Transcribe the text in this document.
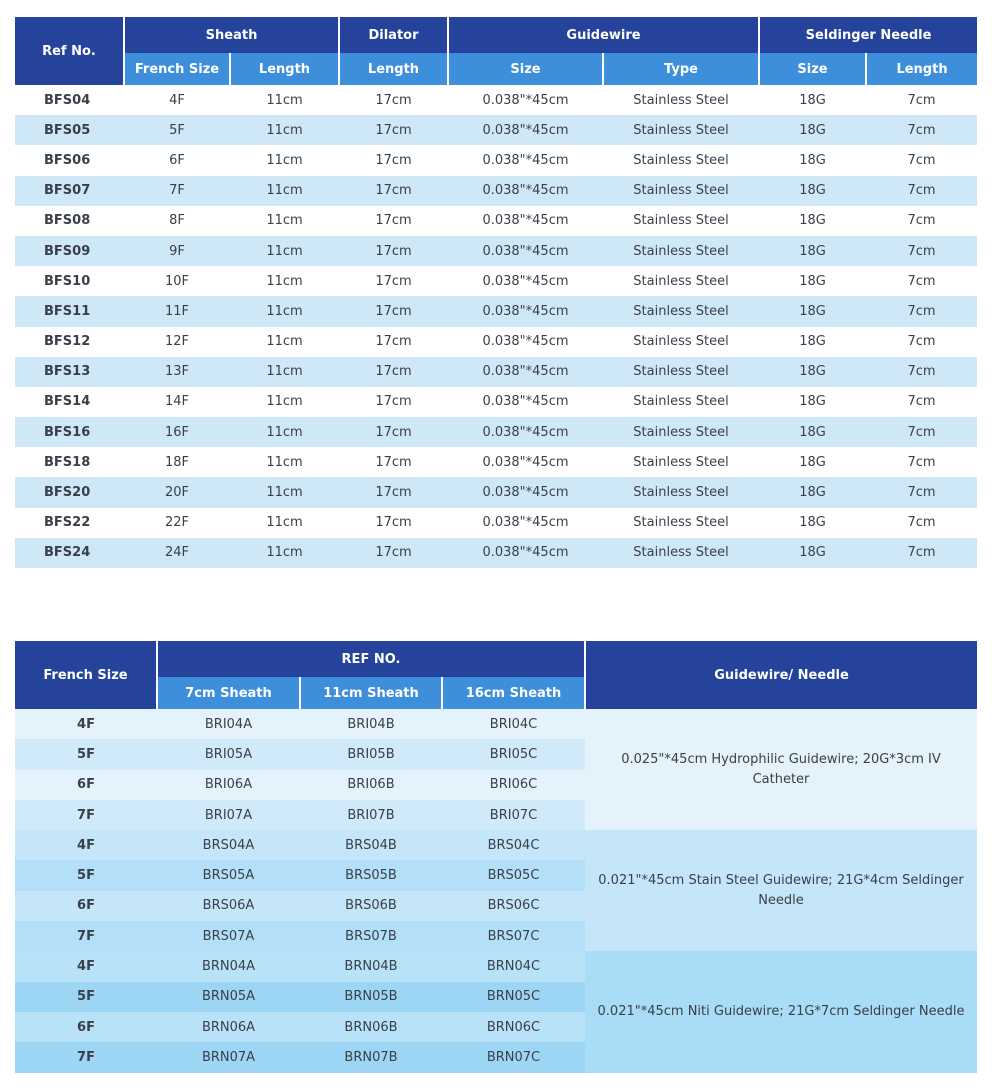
Ref No.	Sheath		Dilator	Guidewire		Seldinger Needle	
	French Size	Length	Length	Size	Type	Size	Length
BFS04	4F	11cm	17cm	0.038"*45cm	Stainless Steel	18G	7cm
BFS05	5F	11cm	17cm	0.038"*45cm	Stainless Steel	18G	7cm
BFS06	6F	11cm	17cm	0.038"*45cm	Stainless Steel	18G	7cm
BFS07	7F	11cm	17cm	0.038"*45cm	Stainless Steel	18G	7cm
BFS08	8F	11cm	17cm	0.038"*45cm	Stainless Steel	18G	7cm
BFS09	9F	11cm	17cm	0.038"*45cm	Stainless Steel	18G	7cm
BFS10	10F	11cm	17cm	0.038"*45cm	Stainless Steel	18G	7cm
BFS11	11F	11cm	17cm	0.038"*45cm	Stainless Steel	18G	7cm
BFS12	12F	11cm	17cm	0.038"*45cm	Stainless Steel	18G	7cm
BFS13	13F	11cm	17cm	0.038"*45cm	Stainless Steel	18G	7cm
BFS14	14F	11cm	17cm	0.038"*45cm	Stainless Steel	18G	7cm
BFS16	16F	11cm	17cm	0.038"*45cm	Stainless Steel	18G	7cm
BFS18	18F	11cm	17cm	0.038"*45cm	Stainless Steel	18G	7cm
BFS20	20F	11cm	17cm	0.038"*45cm	Stainless Steel	18G	7cm
BFS22	22F	11cm	17cm	0.038"*45cm	Stainless Steel	18G	7cm
BFS24	24F	11cm	17cm	0.038"*45cm	Stainless Steel	18G	7cm
French Size	REF NO.			Guidewire/ Needle
	7cm Sheath	11cm Sheath	16cm Sheath	
4F	BRI04A	BRI04B	BRI04C	0.025"*45cm Hydrophilic Guidewire; 20G*3cm IV Catheter
5F	BRI05A	BRI05B	BRI05C	
6F	BRI06A	BRI06B	BRI06C	
7F	BRI07A	BRI07B	BRI07C	
4F	BRS04A	BRS04B	BRS04C	0.021"*45cm Stain Steel Guidewire; 21G*4cm Seldinger Needle
5F	BRS05A	BRS05B	BRS05C	
6F	BRS06A	BRS06B	BRS06C	
7F	BRS07A	BRS07B	BRS07C	
4F	BRN04A	BRN04B	BRN04C	0.021"*45cm Niti Guidewire; 21G*7cm Seldinger Needle
5F	BRN05A	BRN05B	BRN05C	
6F	BRN06A	BRN06B	BRN06C	
7F	BRN07A	BRN07B	BRN07C	
